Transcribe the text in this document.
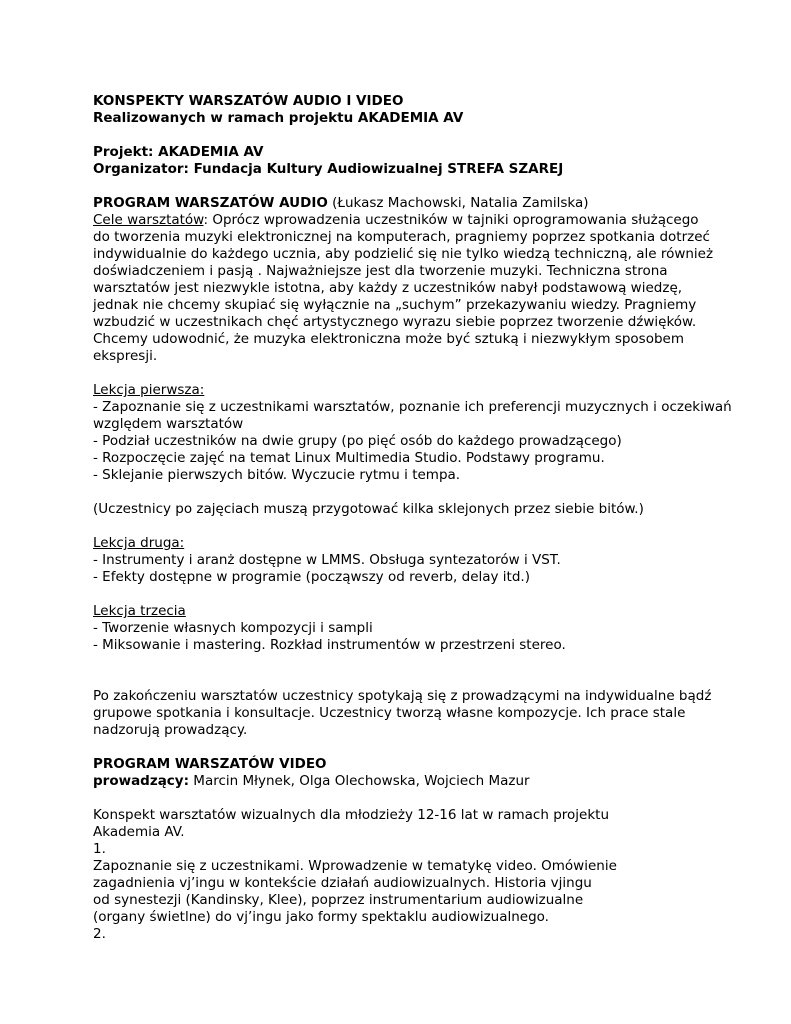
KONSPEKTY WARSZATÓW AUDIO I VIDEO
Realizowanych w ramach projektu AKADEMIA AV
Projekt: AKADEMIA AV
Organizator: Fundacja Kultury Audiowizualnej STREFA SZAREJ
PROGRAM WARSZATÓW AUDIO (Łukasz Machowski, Natalia Zamilska)
Cele warsztatów: Oprócz wprowadzenia uczestników w tajniki oprogramowania służącego
do tworzenia muzyki elektronicznej na komputerach, pragniemy poprzez spotkania dotrzeć
indywidualnie do każdego ucznia, aby podzielić się nie tylko wiedzą techniczną, ale również
doświadczeniem i pasją . Najważniejsze jest dla tworzenie muzyki. Techniczna strona
warsztatów jest niezwykle istotna, aby każdy z uczestników nabył podstawową wiedzę,
jednak nie chcemy skupiać się wyłącznie na „suchym” przekazywaniu wiedzy. Pragniemy
wzbudzić w uczestnikach chęć artystycznego wyrazu siebie poprzez tworzenie dźwięków.
Chcemy udowodnić, że muzyka elektroniczna może być sztuką i niezwykłym sposobem
ekspresji.
Lekcja pierwsza:
- Zapoznanie się z uczestnikami warsztatów, poznanie ich preferencji muzycznych i oczekiwań
względem warsztatów
- Podział uczestników na dwie grupy (po pięć osób do każdego prowadzącego)
- Rozpoczęcie zajęć na temat Linux Multimedia Studio. Podstawy programu.
- Sklejanie pierwszych bitów. Wyczucie rytmu i tempa.
(Uczestnicy po zajęciach muszą przygotować kilka sklejonych przez siebie bitów.)
Lekcja druga:
- Instrumenty i aranż dostępne w LMMS. Obsługa syntezatorów i VST.
- Efekty dostępne w programie (począwszy od reverb, delay itd.)
Lekcja trzecia
- Tworzenie własnych kompozycji i sampli
- Miksowanie i mastering. Rozkład instrumentów w przestrzeni stereo.
Po zakończeniu warsztatów uczestnicy spotykają się z prowadzącymi na indywidualne bądź
grupowe spotkania i konsultacje. Uczestnicy tworzą własne kompozycje. Ich prace stale
nadzorują prowadzący.
PROGRAM WARSZATÓW VIDEO
prowadzący: Marcin Młynek, Olga Olechowska, Wojciech Mazur
Konspekt warsztatów wizualnych dla młodzieży 12-16 lat w ramach projektu
Akademia AV.
1.
Zapoznanie się z uczestnikami. Wprowadzenie w tematykę video. Omówienie
zagadnienia vj’ingu w kontekście działań audiowizualnych. Historia vjingu
od synestezji (Kandinsky, Klee), poprzez instrumentarium audiowizualne
(organy świetlne) do vj’ingu jako formy spektaklu audiowizualnego.
2.
